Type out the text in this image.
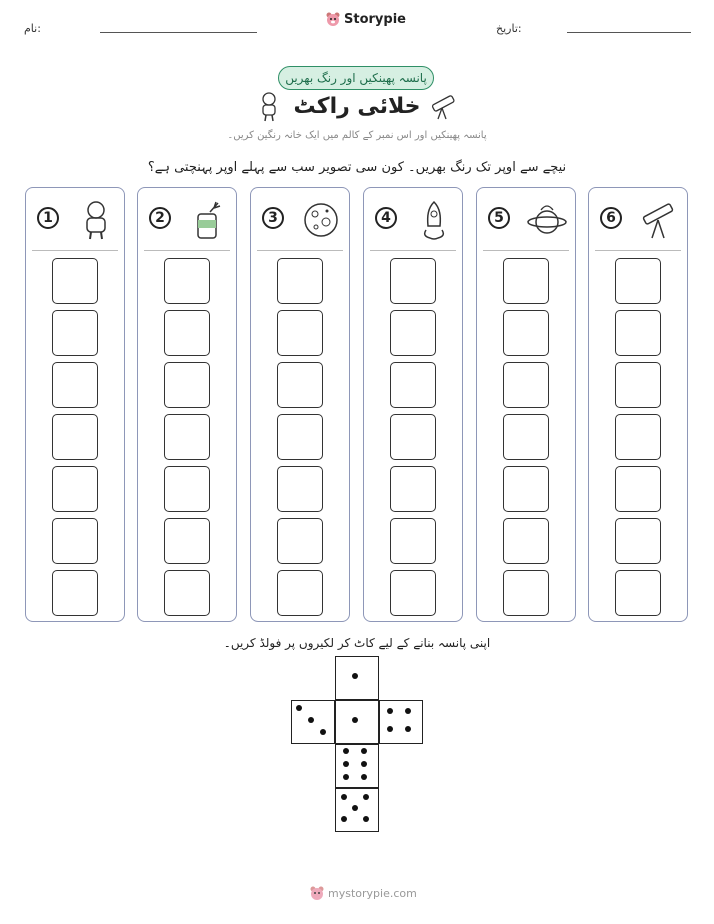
نام:
Storypie
تاریخ:
پانسہ پھینکیں اور رنگ بھریں
خلائی راکٹ
پانسہ پھینکیں اور اس نمبر کے کالم میں ایک خانہ رنگین کریں۔
نیچے سے اوپر تک رنگ بھریں۔ کون سی تصویر سب سے پہلے اوپر پہنچتی ہے؟
1	2	3	4	5	6
اپنی پانسہ بنانے کے لیے کاٹ کر لکیروں پر فولڈ کریں۔
mystorypie.com
